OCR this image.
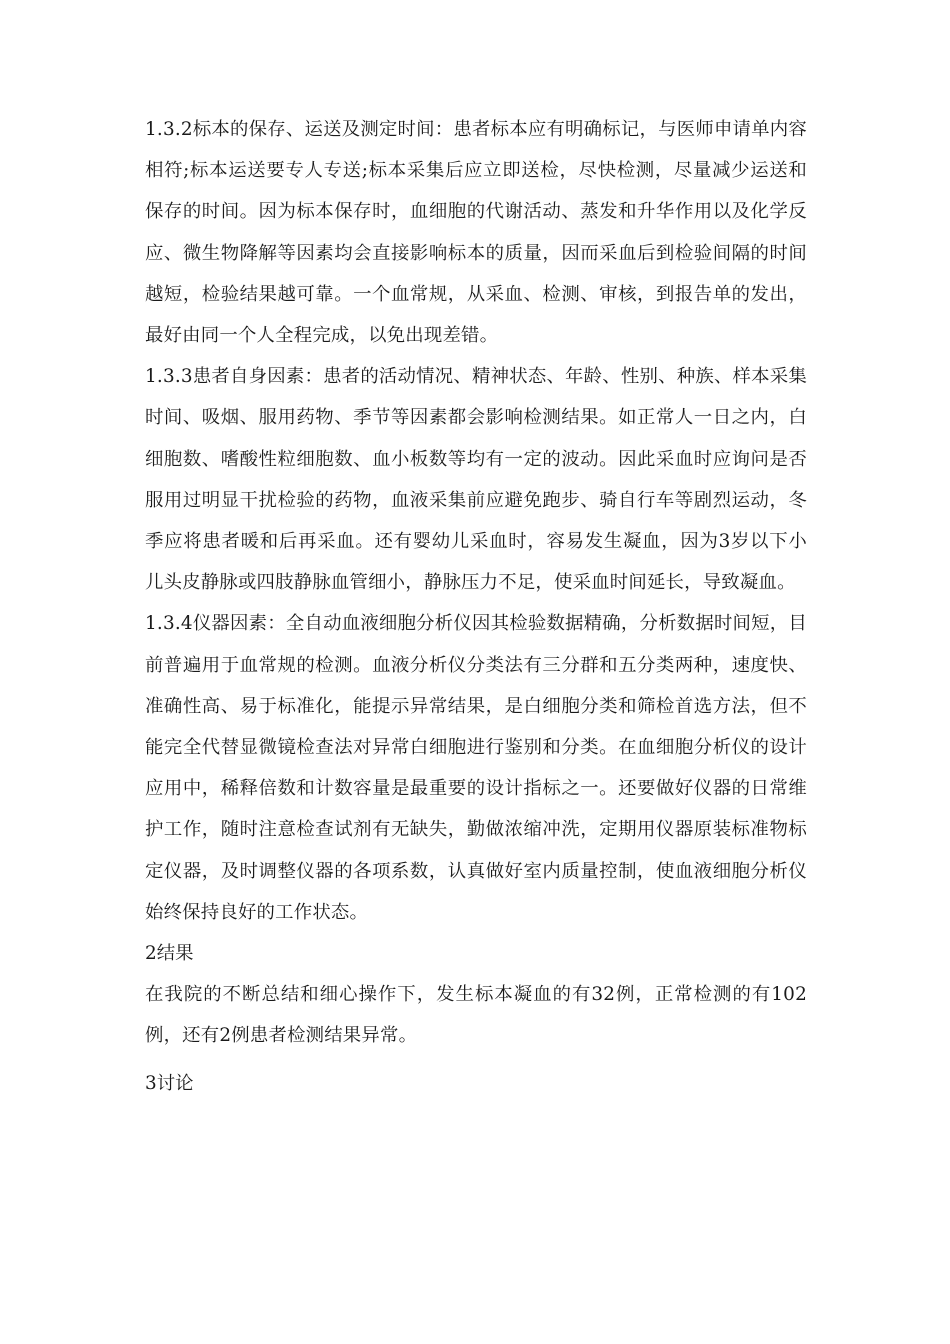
1.3.2标本的保存、运送及测定时间：患者标本应有明确标记，与医师申请单内容相符;标本运送要专人专送;标本采集后应立即送检，尽快检测，尽量减少运送和保存的时间。因为标本保存时，血细胞的代谢活动、蒸发和升华作用以及化学反应、微生物降解等因素均会直接影响标本的质量，因而采血后到检验间隔的时间越短，检验结果越可靠。一个血常规，从采血、检测、审核，到报告单的发出，最好由同一个人全程完成，以免出现差错。

1.3.3患者自身因素：患者的活动情况、精神状态、年龄、性别、种族、样本采集时间、吸烟、服用药物、季节等因素都会影响检测结果。如正常人一日之内，白细胞数、嗜酸性粒细胞数、血小板数等均有一定的波动。因此采血时应询问是否服用过明显干扰检验的药物，血液采集前应避免跑步、骑自行车等剧烈运动，冬季应将患者暖和后再采血。还有婴幼儿采血时，容易发生凝血，因为3岁以下小儿头皮静脉或四肢静脉血管细小，静脉压力不足，使采血时间延长，导致凝血。

1.3.4仪器因素：全自动血液细胞分析仪因其检验数据精确，分析数据时间短，目前普遍用于血常规的检测。血液分析仪分类法有三分群和五分类两种，速度快、准确性高、易于标准化，能提示异常结果，是白细胞分类和筛检首选方法，但不能完全代替显微镜检查法对异常白细胞进行鉴别和分类。在血细胞分析仪的设计应用中，稀释倍数和计数容量是最重要的设计指标之一。还要做好仪器的日常维护工作，随时注意检查试剂有无缺失，勤做浓缩冲洗，定期用仪器原装标准物标定仪器，及时调整仪器的各项系数，认真做好室内质量控制，使血液细胞分析仪始终保持良好的工作状态。

2结果

在我院的不断总结和细心操作下，发生标本凝血的有32例，正常检测的有102例，还有2例患者检测结果异常。

3讨论
